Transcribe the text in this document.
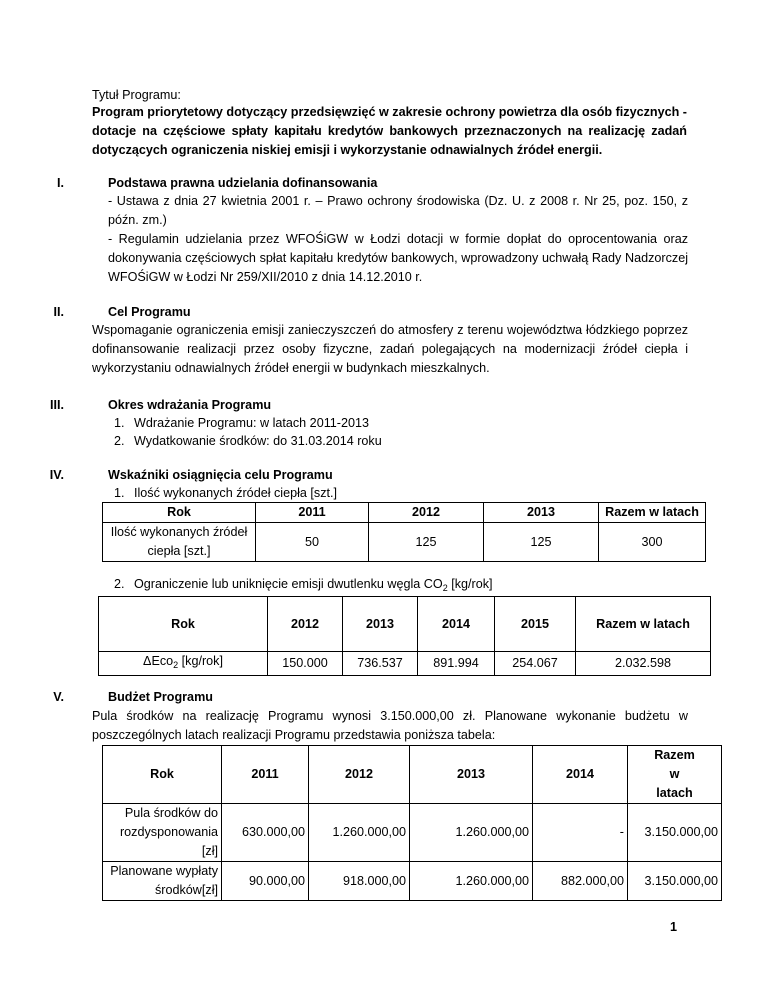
Tytuł Programu:
Program priorytetowy dotyczący przedsięwzięć w zakresie ochrony powietrza dla osób fizycznych - dotacje na częściowe spłaty kapitału kredytów bankowych przeznaczonych na realizację zadań dotyczących ograniczenia niskiej emisji i wykorzystanie odnawialnych źródeł energii.
I.	Podstawa prawna udzielania dofinansowania
- Ustawa z dnia 27 kwietnia 2001 r. – Prawo ochrony środowiska (Dz. U. z 2008 r. Nr 25, poz. 150, z późn. zm.)
- Regulamin udzielania przez WFOŚiGW w Łodzi dotacji w formie dopłat do oprocentowania oraz dokonywania częściowych spłat kapitału kredytów bankowych, wprowadzony uchwałą Rady Nadzorczej WFOŚiGW w Łodzi Nr 259/XII/2010 z dnia 14.12.2010 r.
II.	Cel Programu
Wspomaganie ograniczenia emisji zanieczyszczeń do atmosfery z terenu województwa łódzkiego poprzez dofinansowanie realizacji przez osoby fizyczne, zadań polegających na modernizacji źródeł ciepła i wykorzystaniu odnawialnych źródeł energii w budynkach mieszkalnych.
III.	Okres wdrażania Programu
1. Wdrażanie Programu: w latach 2011-2013
2. Wydatkowanie środków: do 31.03.2014 roku
IV.	Wskaźniki osiągnięcia celu Programu
1. Ilość wykonanych źródeł ciepła [szt.]
Rok	2011	2012	2013	Razem w latach
Ilość wykonanych źródeł ciepła [szt.]	50	125	125	300
2. Ograniczenie lub uniknięcie emisji dwutlenku węgla $CO_2$ [kg/rok]
Rok	2012	2013	2014	2015	Razem w latach
ΔEco$_2$ [kg/rok]	150.000	736.537	891.994	254.067	2.032.598
V.	Budżet Programu
Pula środków na realizację Programu wynosi 3.150.000,00 zł. Planowane wykonanie budżetu w poszczególnych latach realizacji Programu przedstawia poniższa tabela:
Rok	2011	2012	2013	2014	Razem w latach
Pula środków do rozdysponowania [zł]	630.000,00	1.260.000,00	1.260.000,00	-	3.150.000,00
Planowane wypłaty środków[zł]	90.000,00	918.000,00	1.260.000,00	882.000,00	3.150.000,00
1
